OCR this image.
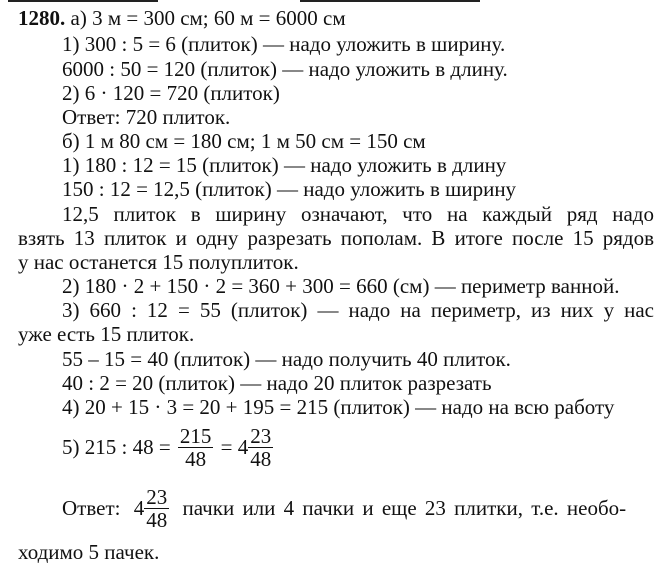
1280. а) 3 м = 300 см; 60 м = 6000 см
1) 300 : 5 = 6 (плиток) — надо уложить в ширину.
6000 : 50 = 120 (плиток) — надо уложить в длину.
2) 6 · 120 = 720 (плиток)
Ответ: 720 плиток.
б) 1 м 80 см = 180 см; 1 м 50 см = 150 см
1) 180 : 12 = 15 (плиток) — надо уложить в длину
150 : 12 = 12,5 (плиток) — надо уложить в ширину
12,5 плиток в ширину означают, что на каждый ряд надо
взять 13 плиток и одну разрезать пополам. В итоге после 15 рядов
у нас останется 15 полуплиток.
2) 180 · 2 + 150 · 2 = 360 + 300 = 660 (см) — периметр ванной.
3) 660 : 12 = 55 (плиток) — надо на периметр, из них у нас
уже есть 15 плиток.
55 – 15 = 40 (плиток) — надо получить 40 плиток.
40 : 2 = 20 (плиток) — надо 20 плиток разрезать
4) 20 + 15 · 3 = 20 + 195 = 215 (плиток) — надо на всю работу
5) 215 : $48 = \frac{215}{48} = 4 \frac{23}{48}$
Ответ: $4 \frac{23}{48}$ пачки или 4 пачки и еще 23 плитки, т.е. необо-
ходимо 5 пачек.
